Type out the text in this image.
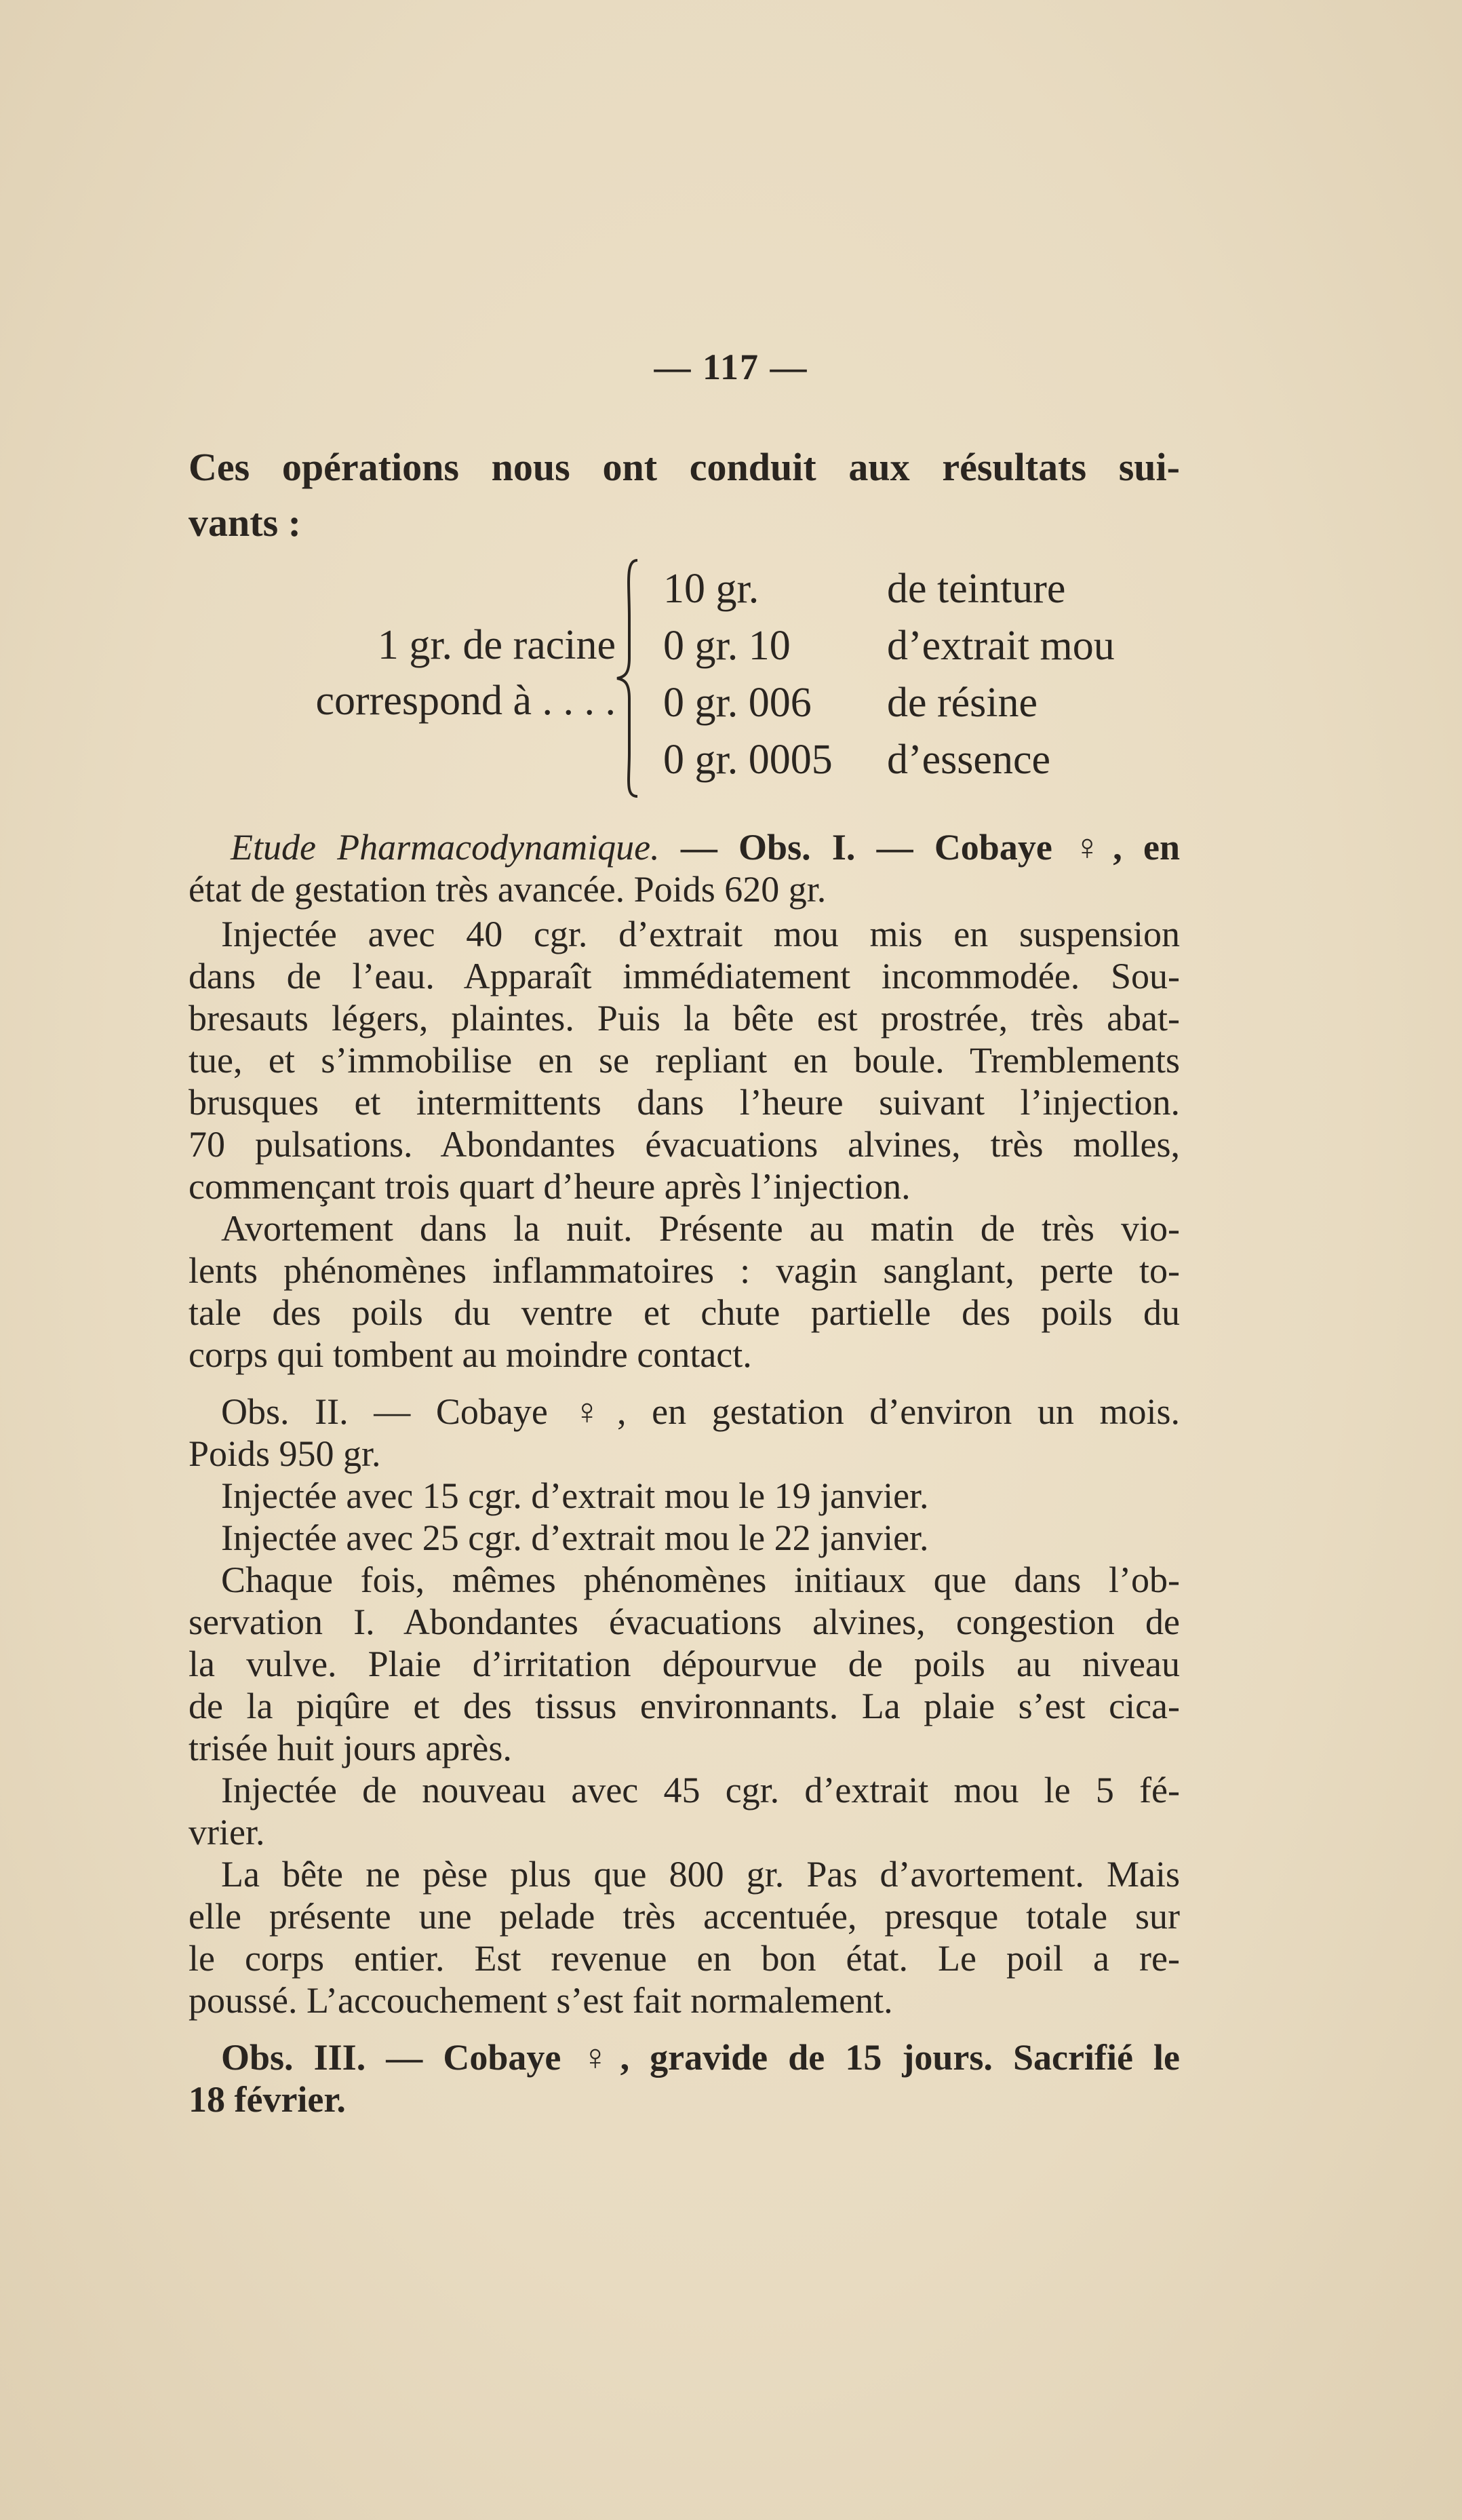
— 117 —
Ces opérations nous ont conduit aux résultats sui-
vants :
1 gr. de racine
correspond à . . . .
10 gr.	de teinture
0 gr. 10	d’extrait mou
0 gr. 006	de résine
0 gr. 0005	d’essence
Etude Pharmacodynamique. — Obs. I. — Cobaye ♀, en
état de gestation très avancée. Poids 620 gr.
Injectée avec 40 cgr. d’extrait mou mis en suspension
dans de l’eau. Apparaît immédiatement incommodée. Sou-
bresauts légers, plaintes. Puis la bête est prostrée, très abat-
tue, et s’immobilise en se repliant en boule. Tremblements
brusques et intermittents dans l’heure suivant l’injection.
70 pulsations. Abondantes évacuations alvines, très molles,
commençant trois quart d’heure après l’injection.
Avortement dans la nuit. Présente au matin de très vio-
lents phénomènes inflammatoires : vagin sanglant, perte to-
tale des poils du ventre et chute partielle des poils du
corps qui tombent au moindre contact.
Obs. II. — Cobaye ♀, en gestation d’environ un mois.
Poids 950 gr.
Injectée avec 15 cgr. d’extrait mou le 19 janvier.
Injectée avec 25 cgr. d’extrait mou le 22 janvier.
Chaque fois, mêmes phénomènes initiaux que dans l’ob-
servation I. Abondantes évacuations alvines, congestion de
la vulve. Plaie d’irritation dépourvue de poils au niveau
de la piqûre et des tissus environnants. La plaie s’est cica-
trisée huit jours après.
Injectée de nouveau avec 45 cgr. d’extrait mou le 5 fé-
vrier.
La bête ne pèse plus que 800 gr. Pas d’avortement. Mais
elle présente une pelade très accentuée, presque totale sur
le corps entier. Est revenue en bon état. Le poil a re-
poussé. L’accouchement s’est fait normalement.
Obs. III. — Cobaye ♀, gravide de 15 jours. Sacrifié le
18 février.
